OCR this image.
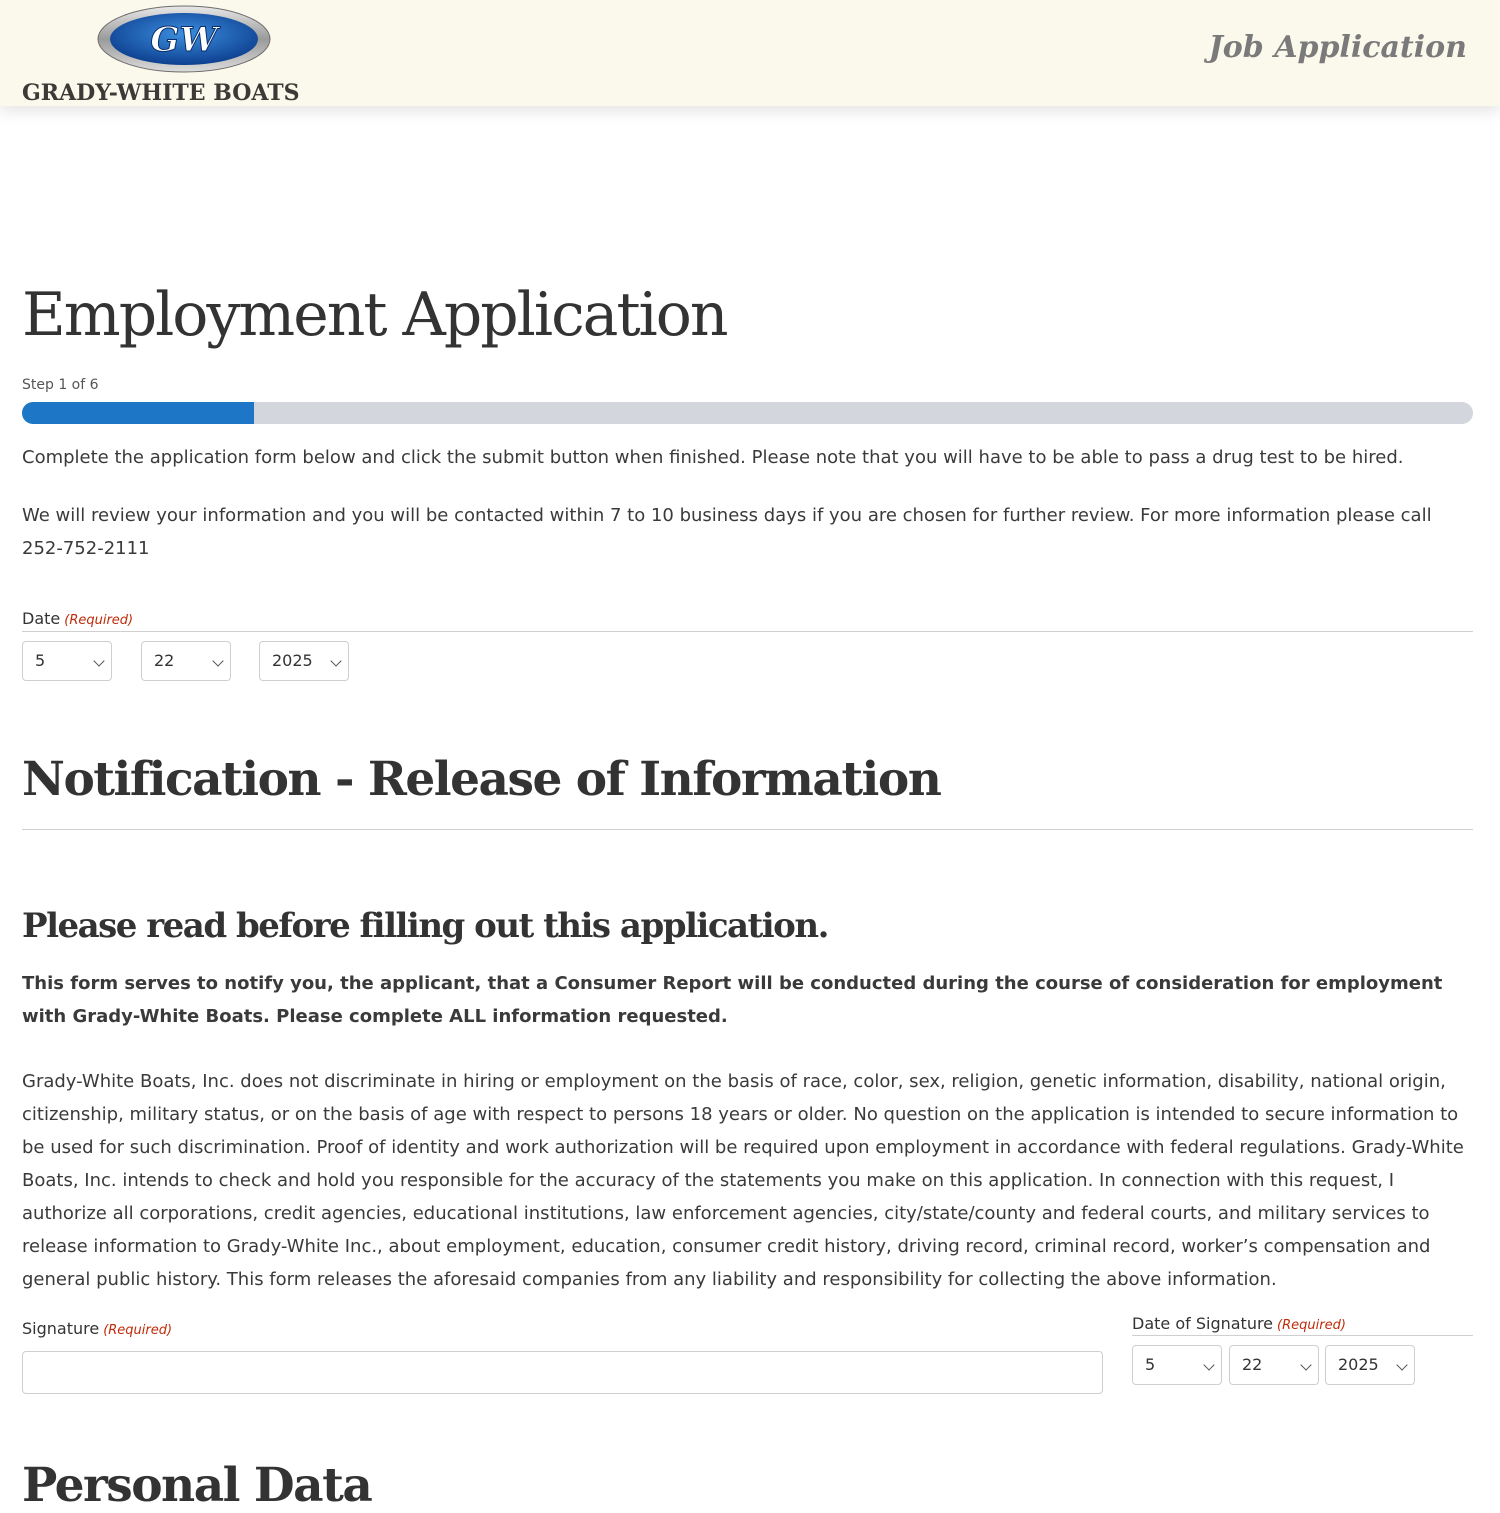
GW
GRADY-WHITE BOATS
Job Application
Employment Application
Step 1 of 6

Complete the application form below and click the submit button when finished. Please note that you will have to be able to pass a drug test to be hired.

We will review your information and you will be contacted within 7 to 10 business days if you are chosen for further review. For more information please call 252-752-2111

Date (Required)
5	22	2025
Notification - Release of Information
Please read before filling out this application.

This form serves to notify you, the applicant, that a Consumer Report will be conducted during the course of consideration for employment with Grady-White Boats. Please complete ALL information requested.

Grady-White Boats, Inc. does not discriminate in hiring or employment on the basis of race, color, sex, religion, genetic information, disability, national origin, citizenship, military status, or on the basis of age with respect to persons 18 years or older. No question on the application is intended to secure information to be used for such discrimination. Proof of identity and work authorization will be required upon employment in accordance with federal regulations. Grady-White Boats, Inc. intends to check and hold you responsible for the accuracy of the statements you make on this application. In connection with this request, I authorize all corporations, credit agencies, educational institutions, law enforcement agencies, city/state/county and federal courts, and military services to release information to Grady-White Inc., about employment, education, consumer credit history, driving record, criminal record, worker’s compensation and general public history. This form releases the aforesaid companies from any liability and responsibility for collecting the above information.

Signature (Required)	Date of Signature (Required)
5	22	2025
Personal Data
